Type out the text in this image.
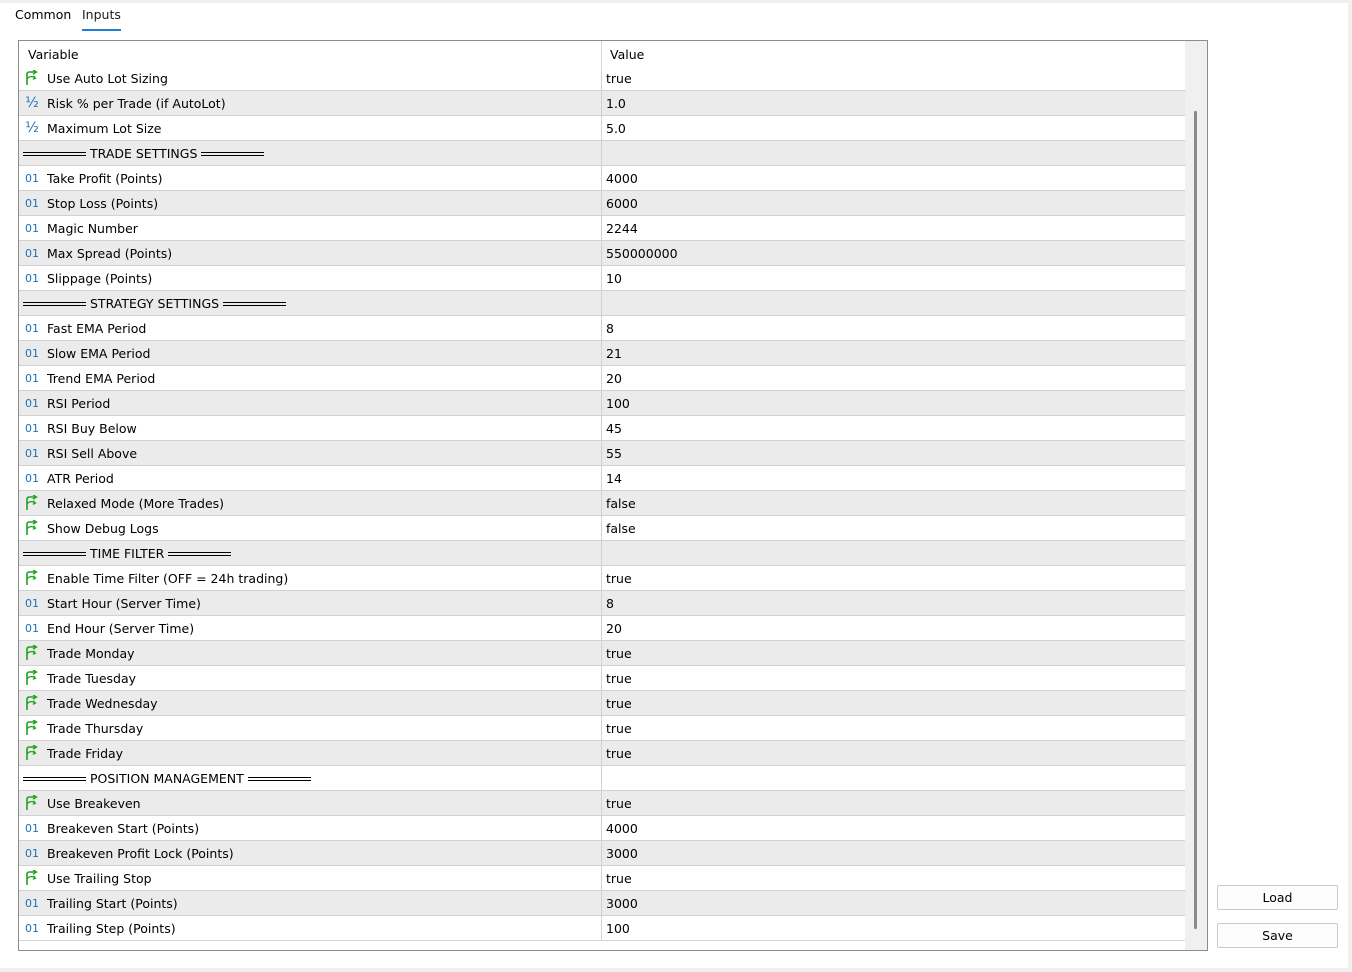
Common Inputs
Variable	Value
Use Auto Lot Sizing	true
½ Risk % per Trade (if AutoLot)	1.0
½ Maximum Lot Size	5.0
TRADE SETTINGS
01 Take Profit (Points)	4000
01 Stop Loss (Points)	6000
01 Magic Number	2244
01 Max Spread (Points)	550000000
01 Slippage (Points)	10
STRATEGY SETTINGS
01 Fast EMA Period	8
01 Slow EMA Period	21
01 Trend EMA Period	20
01 RSI Period	100
01 RSI Buy Below	45
01 RSI Sell Above	55
01 ATR Period	14
Relaxed Mode (More Trades)	false
Show Debug Logs	false
TIME FILTER
Enable Time Filter (OFF = 24h trading)	true
01 Start Hour (Server Time)	8
01 End Hour (Server Time)	20
Trade Monday	true
Trade Tuesday	true
Trade Wednesday	true
Trade Thursday	true
Trade Friday	true
POSITION MANAGEMENT
Use Breakeven	true
01 Breakeven Start (Points)	4000
01 Breakeven Profit Lock (Points)	3000
Use Trailing Stop	true
01 Trailing Start (Points)	3000
01 Trailing Step (Points)	100
Load
Save
